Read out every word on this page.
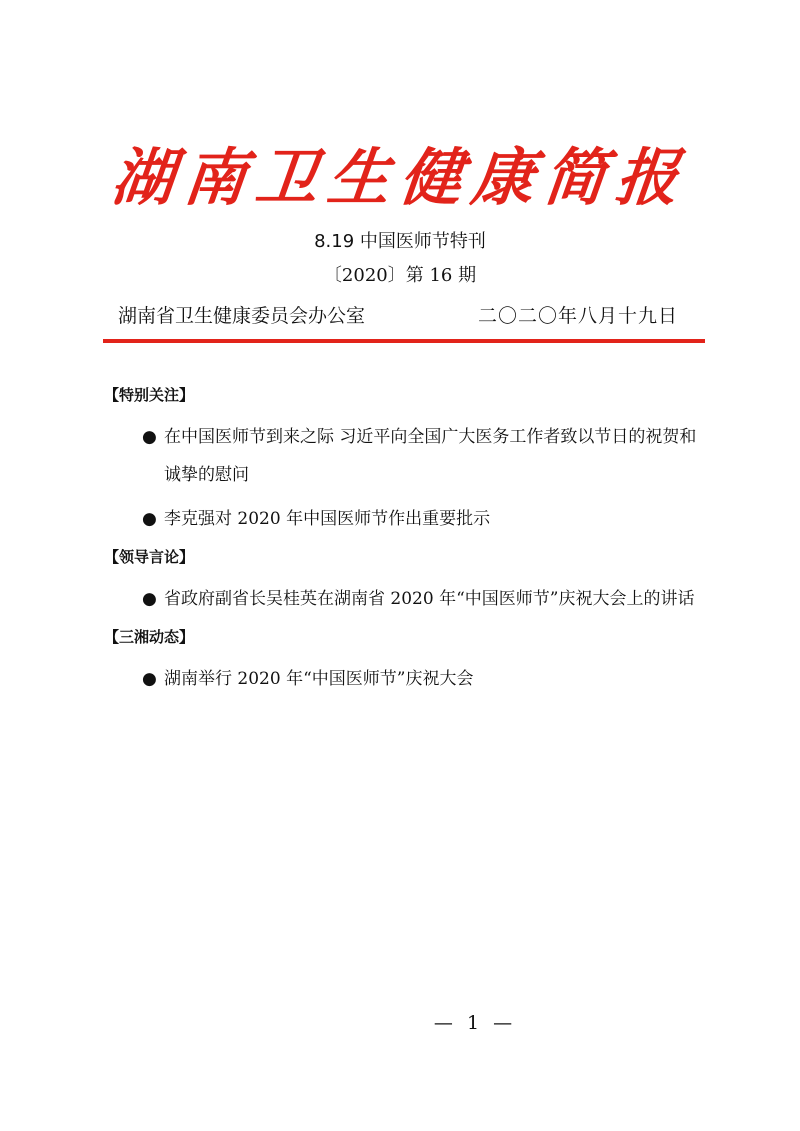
湖南卫生健康简报
8.19 中国医师节特刊
〔2020〕第 16 期
湖南省卫生健康委员会办公室	二〇二〇年八月十九日
【特别关注】
● 在中国医师节到来之际 习近平向全国广大医务工作者致以节日的祝贺和诚挚的慰问
● 李克强对 2020 年中国医师节作出重要批示
【领导言论】
● 省政府副省长吴桂英在湖南省 2020 年“中国医师节”庆祝大会上的讲话
【三湘动态】
● 湖南举行 2020 年“中国医师节”庆祝大会
— 1 —
